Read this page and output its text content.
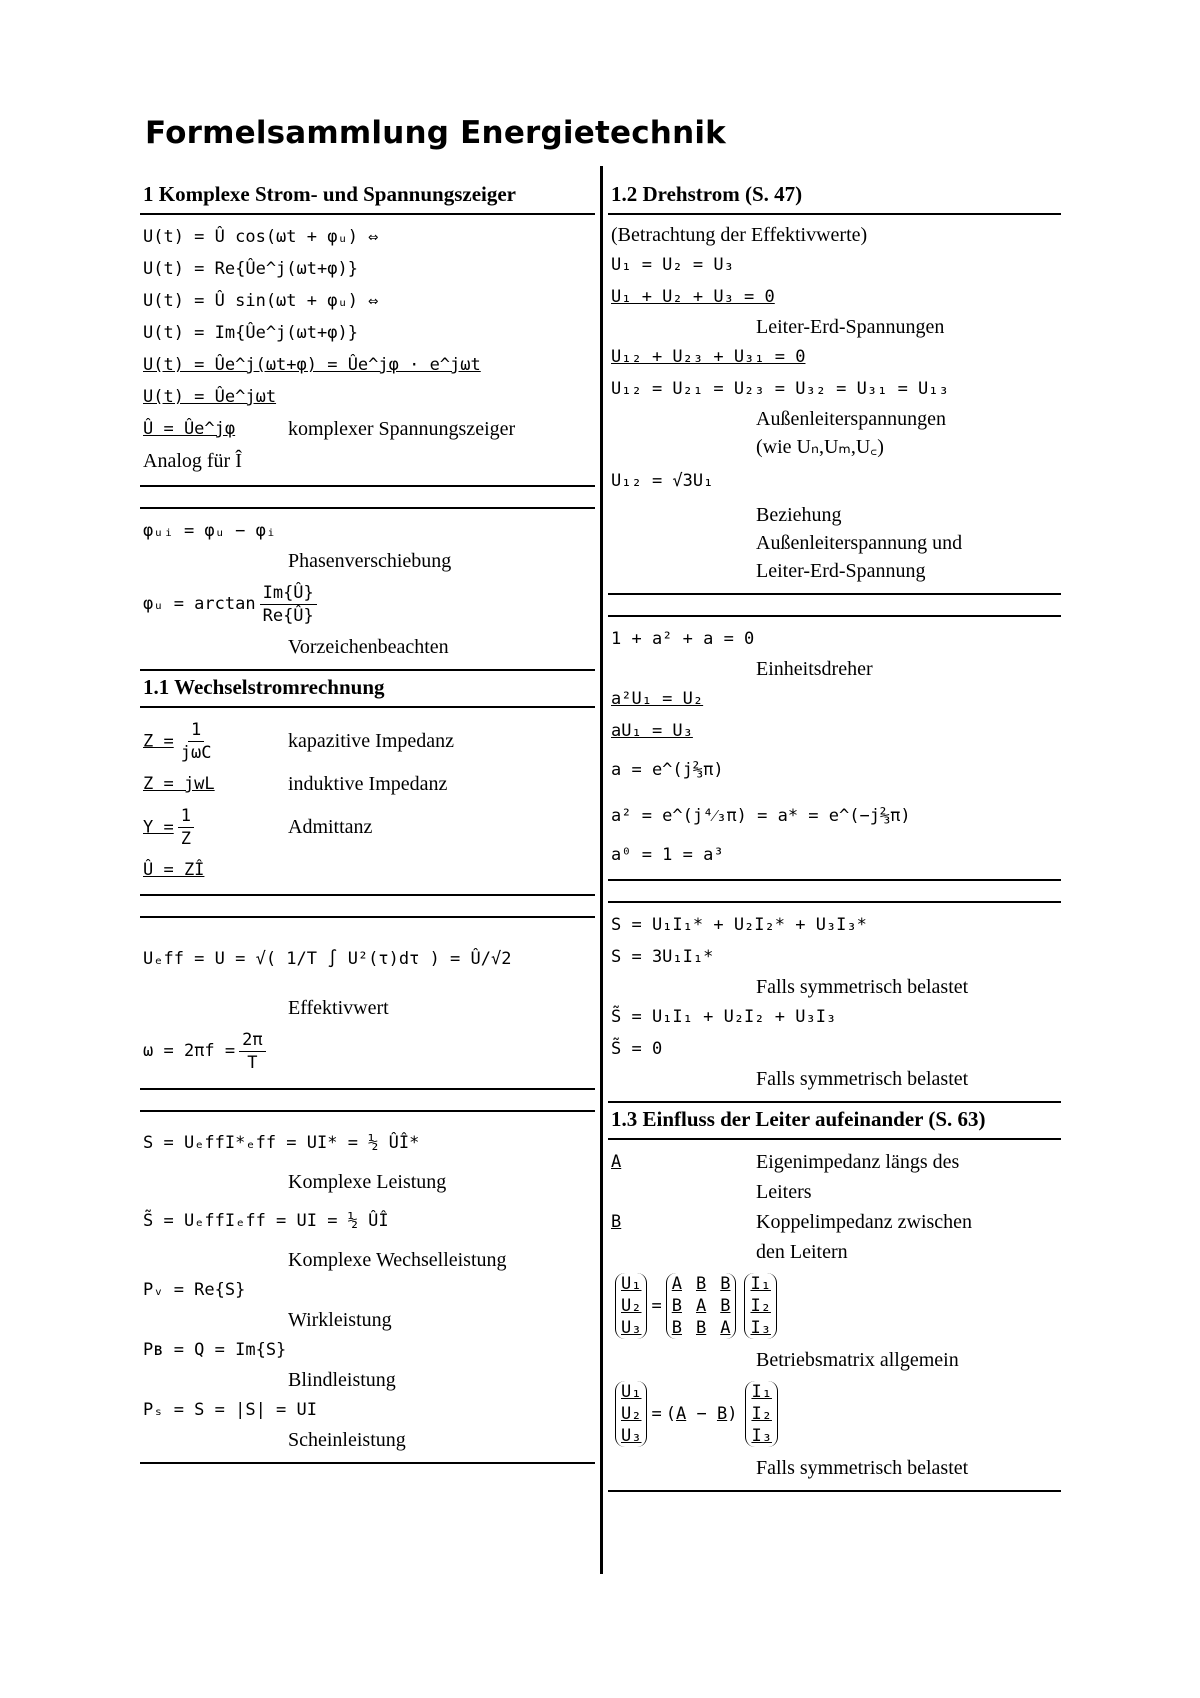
Formelsammlung Energietechnik
1 Komplexe Strom- und Spannungszeiger
U(t) = Û cos(ωt + φᵤ) ⇔
U(t) = Re{Ûe^j(ωt+φ)}
U(t) = Û sin(ωt + φᵤ) ⇔
U(t) = Im{Ûe^j(ωt+φ)}
U(t) = Ûe^j(ωt+φ) = Ûe^jφ · e^jωt
U(t) = Ûe^jωt
Û = Ûe^jφ	komplexer Spannungszeiger
Analog für Î
φᵤᵢ = φᵤ − φᵢ
Phasenverschiebung
φᵤ = $\arctan \frac{Im\{Û\}}{Re\{Û\}}$
Vorzeichenbeachten
1.1 Wechselstromrechnung
$Z = \frac{1}{\text{jωC}}$	kapazitive Impedanz
Z = jwL	induktive Impedanz
$Y = \frac{1}{Z}$	Admittanz
Û = ZÎ
Uₑff = U = √( 1/T ∫ U²(τ)dτ ) = Û/√2
Effektivwert
$\omega = 2\pi f = \frac{2\pi}{T}$
S = UₑffI*ₑff = UI* = ½ ÛÎ*
Komplexe Leistung
S̃ = UₑffIₑff = UI = ½ ÛÎ
Komplexe Wechselleistung
Pᵥ = Re{S}
Wirkleistung
Pʙ = Q = Im{S}
Blindleistung
Pₛ = S = |S| = UI
Scheinleistung
1.2 Drehstrom (S. 47)
(Betrachtung der Effektivwerte)
U₁ = U₂ = U₃
U₁ + U₂ + U₃ = 0
Leiter-Erd-Spannungen
U₁₂ + U₂₃ + U₃₁ = 0
U₁₂ = U₂₁ = U₂₃ = U₃₂ = U₃₁ = U₁₃
Außenleiterspannungen
(wie Uₙ,Uₘ,U꜀)
U₁₂ = √3U₁
Beziehung
Außenleiterspannung und
Leiter-Erd-Spannung
1 + a² + a = 0
Einheitsdreher
a²U₁ = U₂
aU₁ = U₃
a = e^(j⅔π)
a² = e^(j⁴⁄₃π) = a* = e^(−j⅔π)
a⁰ = 1 = a³
S = U₁I₁* + U₂I₂* + U₃I₃*
S = 3U₁I₁*
Falls symmetrisch belastet
S̃ = U₁I₁ + U₂I₂ + U₃I₃
S̃ = 0
Falls symmetrisch belastet
1.3 Einfluss der Leiter aufeinander (S. 63)
A	Eigenimpedanz längs des
Leiters
B	Koppelimpedanz zwischen
den Leitern
U₁
U₂
U₃
=
A B B
B A B
B B A
I₁
I₂
I₃
Betriebsmatrix allgemein
U₁
U₂
U₃
= (A − B)
I₁
I₂
I₃
Falls symmetrisch belastet
